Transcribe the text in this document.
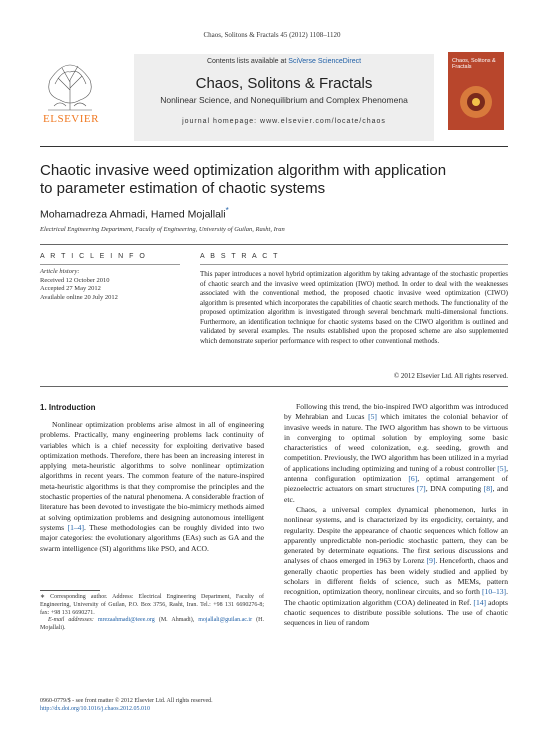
Chaos, Solitons & Fractals 45 (2012) 1108–1120
ELSEVIER
Contents lists available at SciVerse ScienceDirect
Chaos, Solitons & Fractals
Nonlinear Science, and Nonequilibrium and Complex Phenomena
journal homepage: www.elsevier.com/locate/chaos
Chaos, Solitons & Fractals
Chaotic invasive weed optimization algorithm with application
to parameter estimation of chaotic systems
Mohamadreza Ahmadi, Hamed Mojallali*
Electrical Engineering Department, Faculty of Engineering, University of Guilan, Rasht, Iran
A R T I C L E I N F O	A B S T R A C T
Article history:
Received 12 October 2010
Accepted 27 May 2012
Available online 20 July 2012
This paper introduces a novel hybrid optimization algorithm by taking advantage of the stochastic properties of chaotic search and the invasive weed optimization (IWO) method. In order to deal with the weaknesses associated with the conventional method, the proposed chaotic invasive weed optimization (CIWO) algorithm is presented which incorporates the capabilities of chaotic search methods. The functionality of the proposed optimization algorithm is investigated through several benchmark multi-dimensional functions. Furthermore, an identification technique for chaotic systems based on the CIWO algorithm is outlined and validated by several examples. The results established upon the proposed scheme are also supplemented which demonstrate superior performance with respect to other conventional methods.
© 2012 Elsevier Ltd. All rights reserved.
1. Introduction

Nonlinear optimization problems arise almost in all of engineering problems. Practically, many engineering problems lack continuity of variables which is a chief necessity for exploiting derivative based optimization methods. Therefore, there has been an increasing interest in applying meta-heuristic algorithms to solve nonlinear optimization algorithms in recent years. The common feature of the nature-inspired meta-heuristic algorithms is that they compromise the principles and the stochastic properties of the natural phenomena. A considerable fraction of literature has been devoted to investigate the bio-mimicry methods aimed at solving optimization problems and designing autonomous intelligent systems [1–4]. These methodologies can be roughly divided into two major categories: the evolutionary algorithms (EAs) such as GA and the swarm intelligence (SI) algorithms like PSO, and ACO.

Following this trend, the bio-inspired IWO algorithm was introduced by Mehrabian and Lucas [5] which imitates the colonial behavior of invasive weeds in nature. The IWO algorithm has shown to be virtuous in converging to optimal solution by employing some basic characteristics of weed colonization, e.g. seeding, growth and competition. Previously, the IWO algorithm has been utilized in a myriad of applications including optimizing and tuning of a robust controller [5], antenna configuration optimization [6], optimal arrangement of piezoelectric actuators on smart structures [7], DNA computing [8], and etc.

Chaos, a universal complex dynamical phenomenon, lurks in nonlinear systems, and is characterized by its ergodicity, certainty, and regularity. Despite the appearance of chaotic sequences which follow an apparently unpredictable non-periodic stochastic pattern, they can be generated by determinate equations. The first serious discussions and analyses of chaos emerged in 1963 by Lorenz [9]. Henceforth, chaos and generally chaotic properties has been widely studied and applied by scholars in different fields of science, such as MEMs, pattern recognition, optimization theory, nonlinear circuits, and so forth [10–13]. The chaotic optimization algorithm (COA) delineated in Ref. [14] adopts chaotic sequences to distribute possible solutions. The use of chaotic sequences in lieu of random

∗ Corresponding author. Address: Electrical Engineering Department, Faculty of Engineering, University of Guilan, P.O. Box 3756, Rasht, Iran. Tel.: +98 131 6690276-8; fax: +98 131 6690271.
E-mail addresses: mrezaahmadi@ieee.org (M. Ahmadi), mojallali@guilan.ac.ir (H. Mojallali).
0960-0779/$ - see front matter © 2012 Elsevier Ltd. All rights reserved.
http://dx.doi.org/10.1016/j.chaos.2012.05.010
